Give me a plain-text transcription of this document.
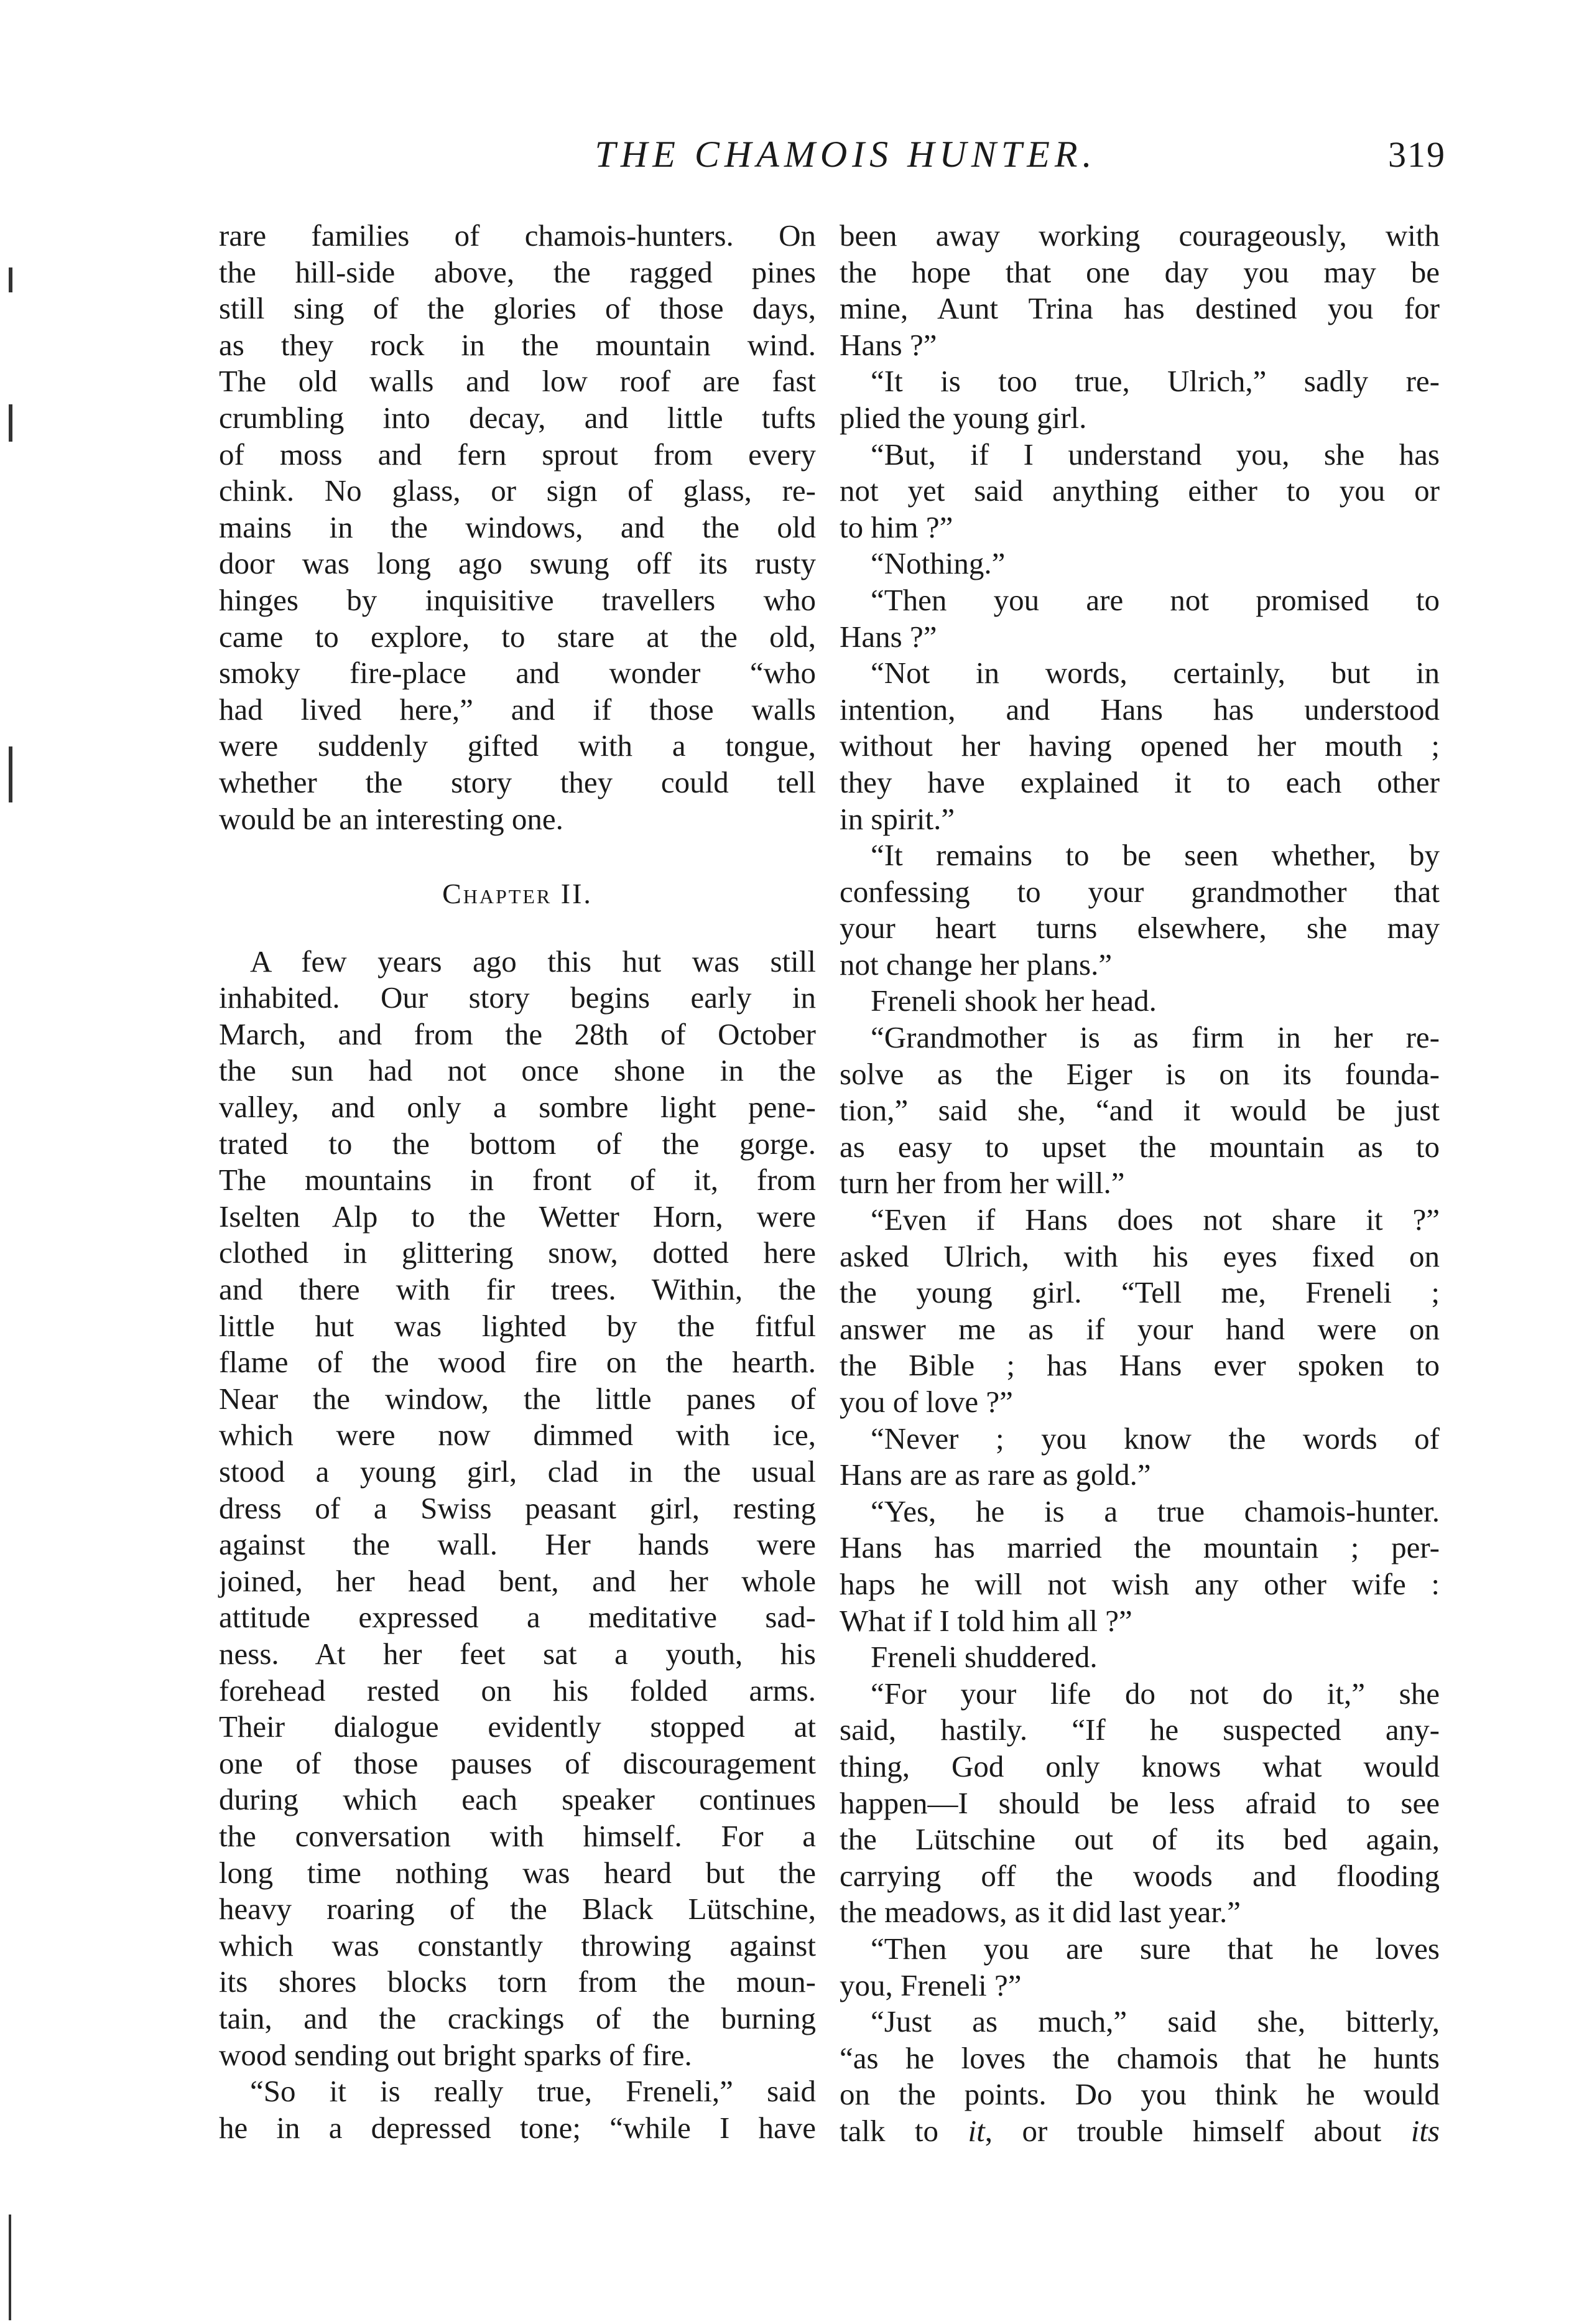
THE CHAMOIS HUNTER.	319

rare families of chamois-hunters. On
the hill-side above, the ragged pines
still sing of the glories of those days,
as they rock in the mountain wind.
The old walls and low roof are fast
crumbling into decay, and little tufts
of moss and fern sprout from every
chink. No glass, or sign of glass, re-
mains in the windows, and the old
door was long ago swung off its rusty
hinges by inquisitive travellers who
came to explore, to stare at the old,
smoky fire-place and wonder “who
had lived here,” and if those walls
were suddenly gifted with a tongue,
whether the story they could tell
would be an interesting one.

Chapter II.

A few years ago this hut was still
inhabited. Our story begins early in
March, and from the 28th of October
the sun had not once shone in the
valley, and only a sombre light pene-
trated to the bottom of the gorge.
The mountains in front of it, from
Iselten Alp to the Wetter Horn, were
clothed in glittering snow, dotted here
and there with fir trees. Within, the
little hut was lighted by the fitful
flame of the wood fire on the hearth.
Near the window, the little panes of
which were now dimmed with ice,
stood a young girl, clad in the usual
dress of a Swiss peasant girl, resting
against the wall. Her hands were
joined, her head bent, and her whole
attitude expressed a meditative sad-
ness. At her feet sat a youth, his
forehead rested on his folded arms.
Their dialogue evidently stopped at
one of those pauses of discouragement
during which each speaker continues
the conversation with himself. For a
long time nothing was heard but the
heavy roaring of the Black Lütschine,
which was constantly throwing against
its shores blocks torn from the moun-
tain, and the crackings of the burning
wood sending out bright sparks of fire.

“So it is really true, Freneli,” said
he in a depressed tone; “while I have

been away working courageously, with
the hope that one day you may be
mine, Aunt Trina has destined you for
Hans ?”
“It is too true, Ulrich,” sadly re-
plied the young girl.
“But, if I understand you, she has
not yet said anything either to you or
to him ?”
“Nothing.”
“Then you are not promised to
Hans ?”
“Not in words, certainly, but in
intention, and Hans has understood
without her having opened her mouth ;
they have explained it to each other
in spirit.”
“It remains to be seen whether, by
confessing to your grandmother that
your heart turns elsewhere, she may
not change her plans.”
Freneli shook her head.
“Grandmother is as firm in her re-
solve as the Eiger is on its founda-
tion,” said she, “and it would be just
as easy to upset the mountain as to
turn her from her will.”
“Even if Hans does not share it ?”
asked Ulrich, with his eyes fixed on
the young girl. “Tell me, Freneli ;
answer me as if your hand were on
the Bible ; has Hans ever spoken to
you of love ?”
“Never ; you know the words of
Hans are as rare as gold.”
“Yes, he is a true chamois-hunter.
Hans has married the mountain ; per-
haps he will not wish any other wife :
What if I told him all ?”
Freneli shuddered.
“For your life do not do it,” she
said, hastily. “If he suspected any-
thing, God only knows what would
happen—I should be less afraid to see
the Lütschine out of its bed again,
carrying off the woods and flooding
the meadows, as it did last year.”
“Then you are sure that he loves
you, Freneli ?”
“Just as much,” said she, bitterly,
“as he loves the chamois that he hunts
on the points. Do you think he would
talk to it, or trouble himself about its
